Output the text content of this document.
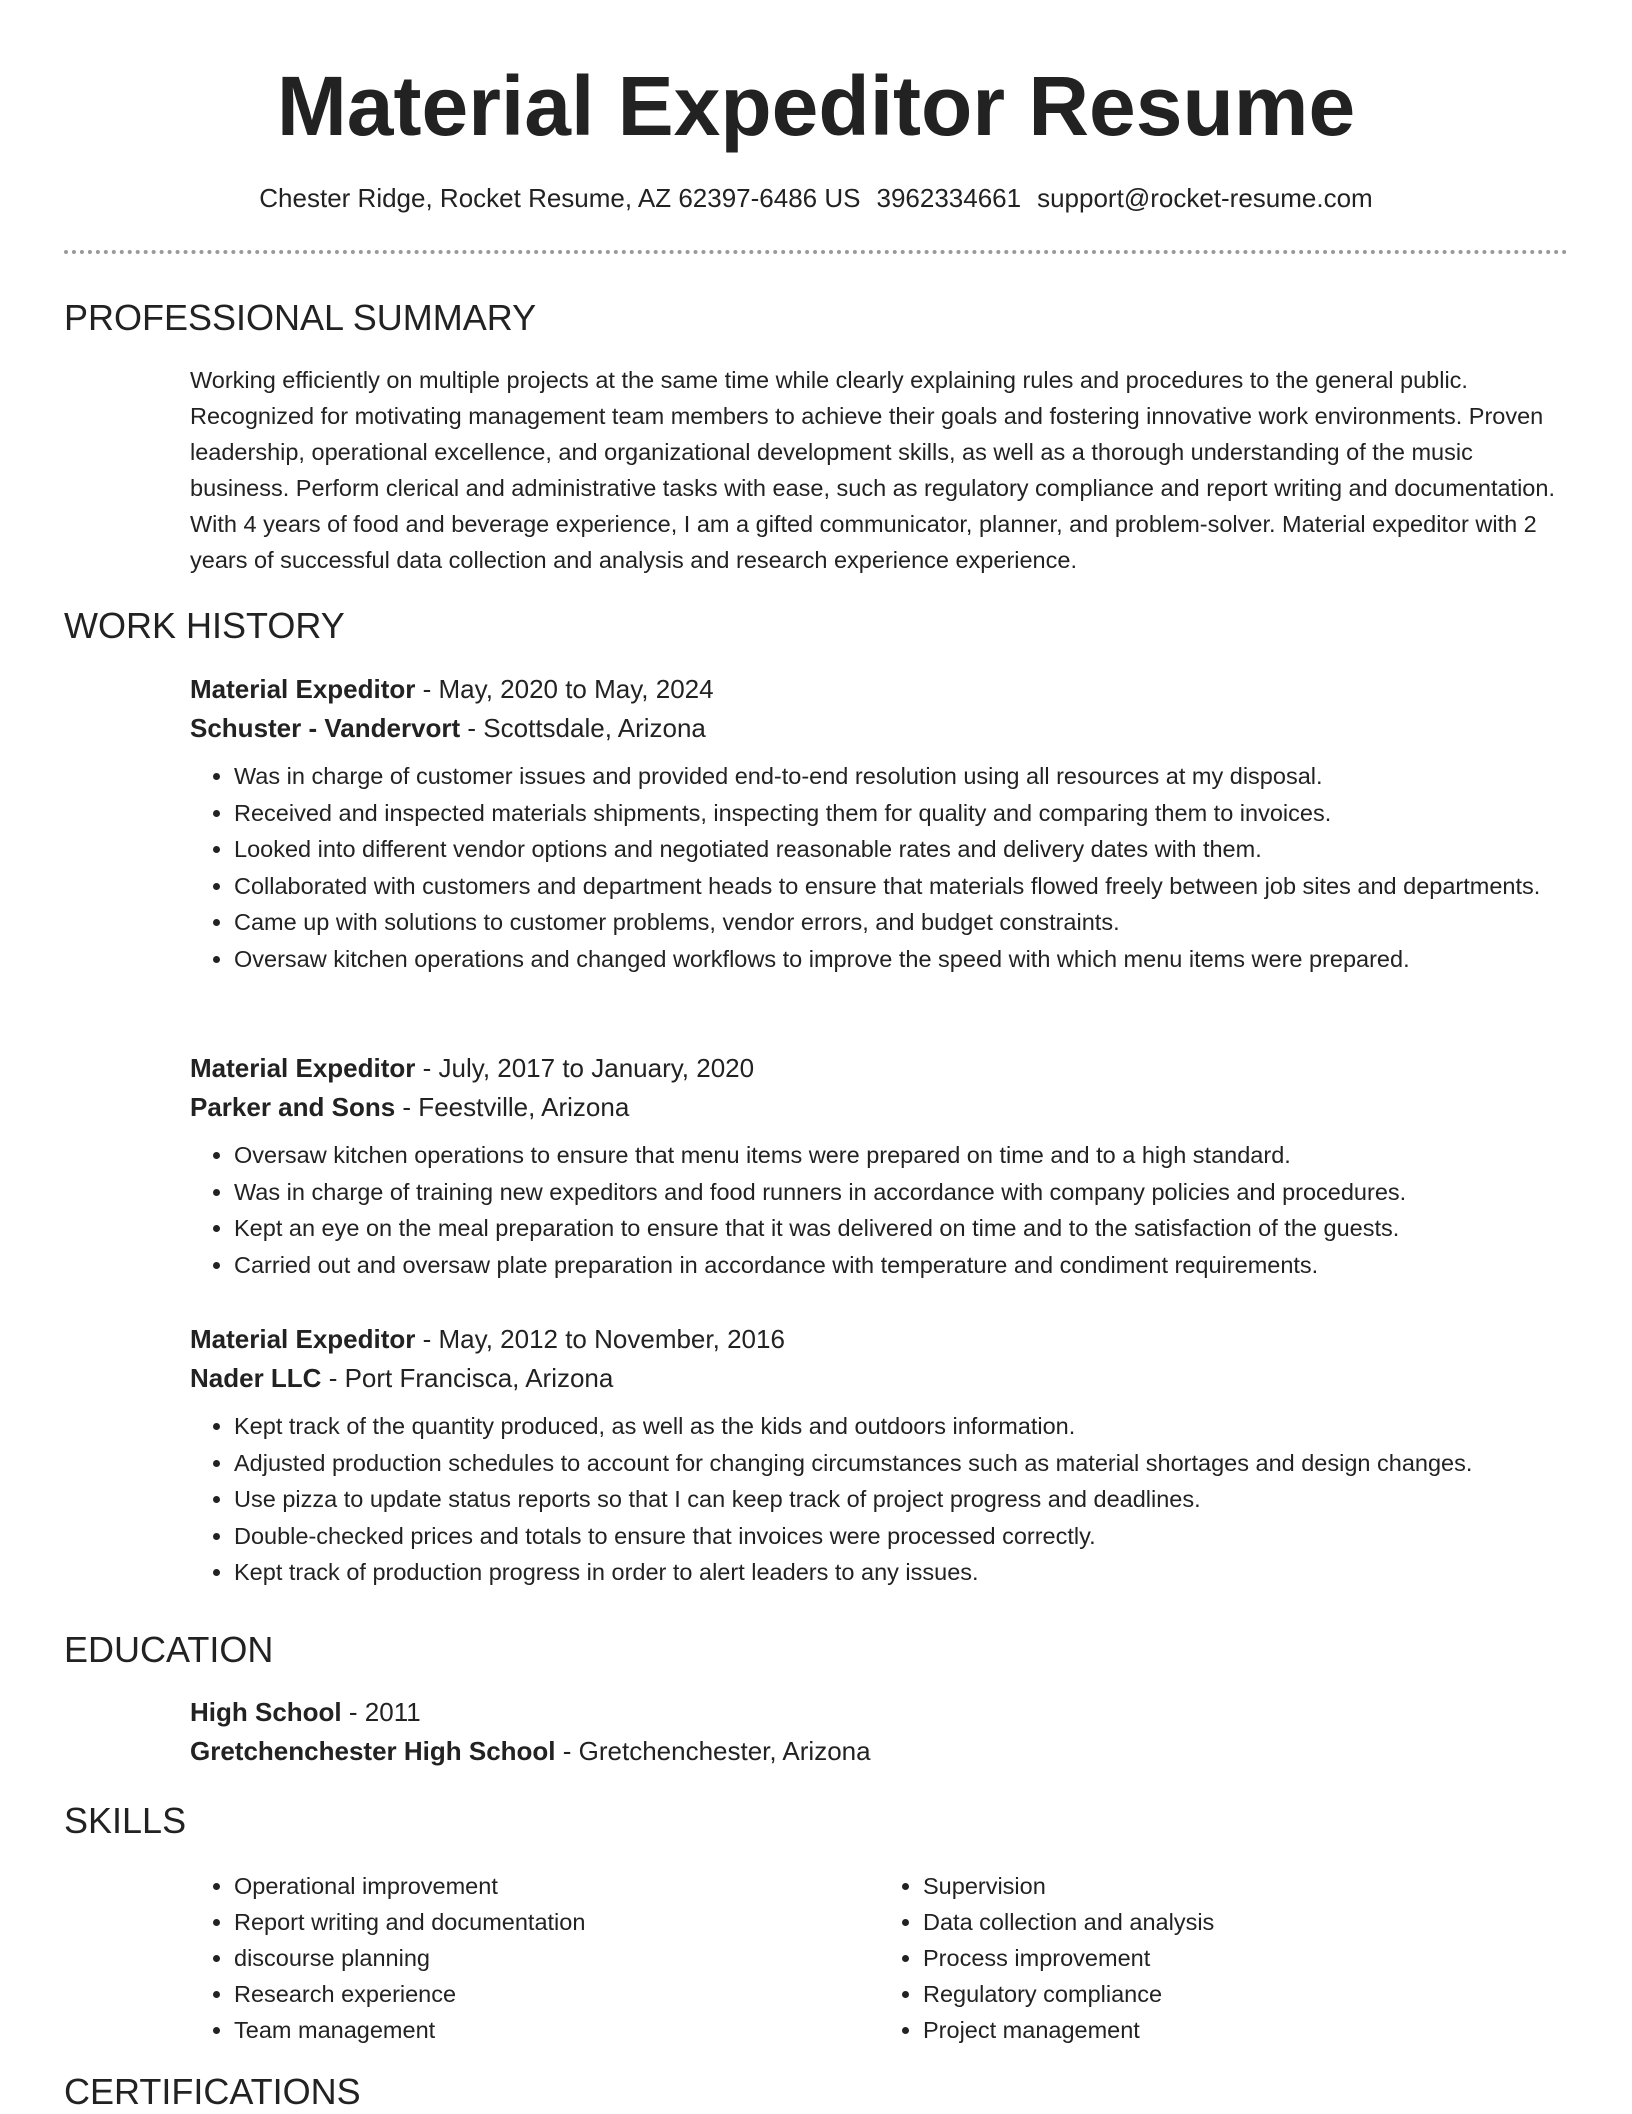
Material Expeditor Resume
Chester Ridge, Rocket Resume, AZ 62397-6486 US 3962334661 support@rocket-resume.com
PROFESSIONAL SUMMARY

Working efficiently on multiple projects at the same time while clearly explaining rules and procedures to the general public. Recognized for motivating management team members to achieve their goals and fostering innovative work environments. Proven leadership, operational excellence, and organizational development skills, as well as a thorough understanding of the music business. Perform clerical and administrative tasks with ease, such as regulatory compliance and report writing and documentation. With 4 years of food and beverage experience, I am a gifted communicator, planner, and problem-solver. Material expeditor with 2 years of successful data collection and analysis and research experience experience.

WORK HISTORY
Material Expeditor - May, 2020 to May, 2024
Schuster - Vandervort - Scottsdale, Arizona
• Was in charge of customer issues and provided end-to-end resolution using all resources at my disposal.
• Received and inspected materials shipments, inspecting them for quality and comparing them to invoices.
• Looked into different vendor options and negotiated reasonable rates and delivery dates with them.
• Collaborated with customers and department heads to ensure that materials flowed freely between job sites and departments.
• Came up with solutions to customer problems, vendor errors, and budget constraints.
• Oversaw kitchen operations and changed workflows to improve the speed with which menu items were prepared.
Material Expeditor - July, 2017 to January, 2020
Parker and Sons - Feestville, Arizona
• Oversaw kitchen operations to ensure that menu items were prepared on time and to a high standard.
• Was in charge of training new expeditors and food runners in accordance with company policies and procedures.
• Kept an eye on the meal preparation to ensure that it was delivered on time and to the satisfaction of the guests.
• Carried out and oversaw plate preparation in accordance with temperature and condiment requirements.
Material Expeditor - May, 2012 to November, 2016
Nader LLC - Port Francisca, Arizona
• Kept track of the quantity produced, as well as the kids and outdoors information.
• Adjusted production schedules to account for changing circumstances such as material shortages and design changes.
• Use pizza to update status reports so that I can keep track of project progress and deadlines.
• Double-checked prices and totals to ensure that invoices were processed correctly.
• Kept track of production progress in order to alert leaders to any issues.
EDUCATION
High School - 2011
Gretchenchester High School - Gretchenchester, Arizona
SKILLS
• Operational improvement
• Report writing and documentation
• discourse planning
• Research experience
• Team management
• Supervision
• Data collection and analysis
• Process improvement
• Regulatory compliance
• Project management
CERTIFICATIONS
